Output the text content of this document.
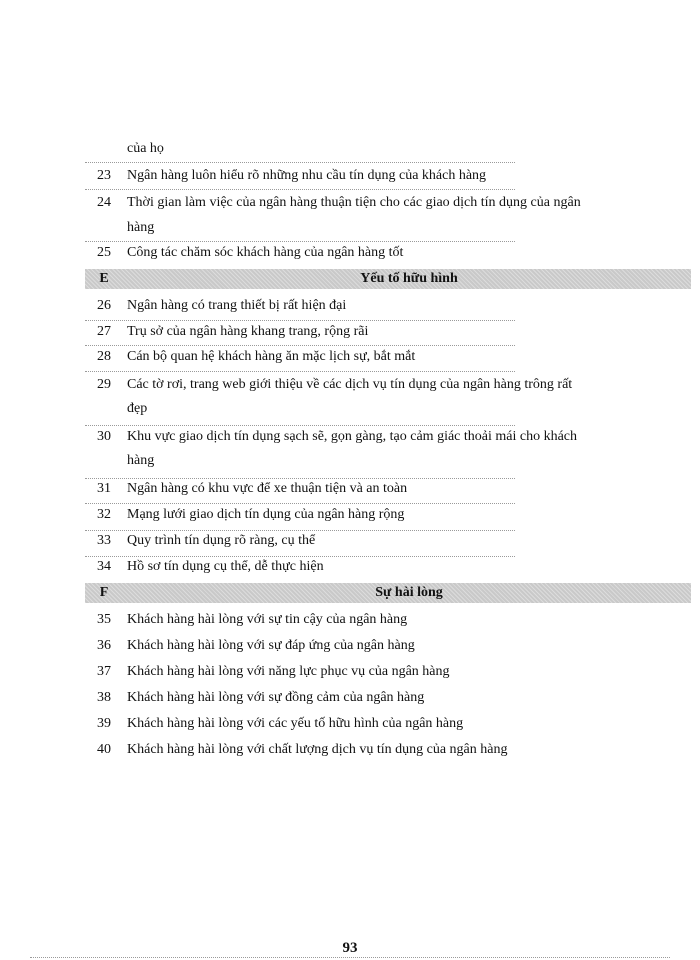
của họ
23	Ngân hàng luôn hiểu rõ những nhu cầu tín dụng của khách hàng
24	Thời gian làm việc của ngân hàng thuận tiện cho các giao dịch tín dụng của ngân
hàng
25	Công tác chăm sóc khách hàng của ngân hàng tốt
E	Yếu tố hữu hình
26	Ngân hàng có trang thiết bị rất hiện đại
27	Trụ sở của ngân hàng khang trang, rộng rãi
28	Cán bộ quan hệ khách hàng ăn mặc lịch sự, bắt mắt
29	Các tờ rơi, trang web giới thiệu về các dịch vụ tín dụng của ngân hàng trông rất
đẹp
30	Khu vực giao dịch tín dụng sạch sẽ, gọn gàng, tạo cảm giác thoải mái cho khách
hàng
31	Ngân hàng có khu vực để xe thuận tiện và an toàn
32	Mạng lưới giao dịch tín dụng của ngân hàng rộng
33	Quy trình tín dụng rõ ràng, cụ thể
34	Hồ sơ tín dụng cụ thể, dễ thực hiện
F	Sự hài lòng
35	Khách hàng hài lòng với sự tin cậy của ngân hàng
36	Khách hàng hài lòng với sự đáp ứng của ngân hàng
37	Khách hàng hài lòng với năng lực phục vụ của ngân hàng
38	Khách hàng hài lòng với sự đồng cảm của ngân hàng
39	Khách hàng hài lòng với các yếu tố hữu hình của ngân hàng
40	Khách hàng hài lòng với chất lượng dịch vụ tín dụng của ngân hàng
93
